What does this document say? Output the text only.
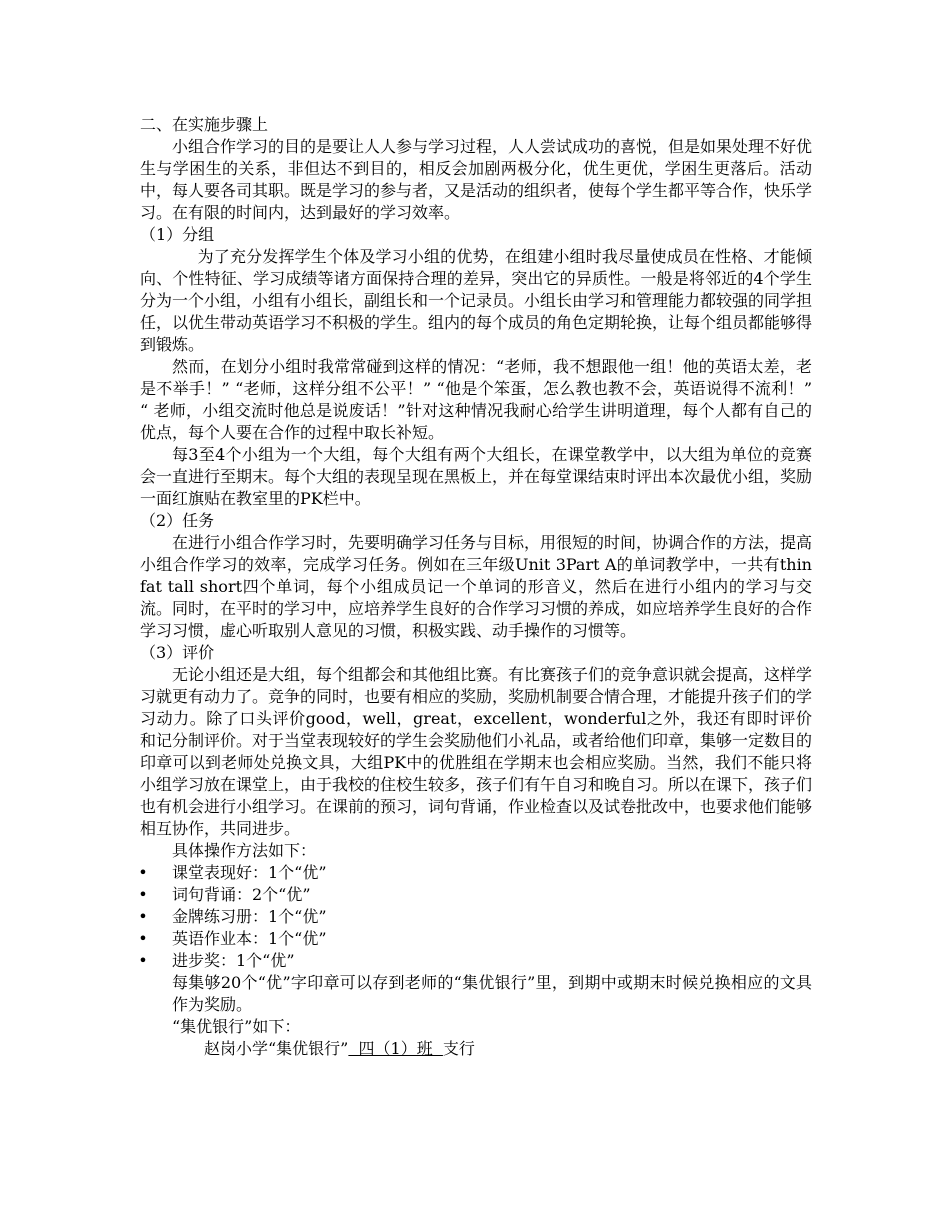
二、在实施步骤上

小组合作学习的目的是要让人人参与学习过程，人人尝试成功的喜悦，但是如果处理不好优生与学困生的关系，非但达不到目的，相反会加剧两极分化，优生更优，学困生更落后。活动中，每人要各司其职。既是学习的参与者，又是活动的组织者，使每个学生都平等合作，快乐学习。在有限的时间内，达到最好的学习效率。

（1）分组

为了充分发挥学生个体及学习小组的优势，在组建小组时我尽量使成员在性格、才能倾向、个性特征、学习成绩等诸方面保持合理的差异，突出它的异质性。一般是将邻近的4个学生分为一个小组，小组有小组长，副组长和一个记录员。小组长由学习和管理能力都较强的同学担任，以优生带动英语学习不积极的学生。组内的每个成员的角色定期轮换，让每个组员都能够得到锻炼。

然而，在划分小组时我常常碰到这样的情况：“老师，我不想跟他一组！他的英语太差，老是不举手！” “老师，这样分组不公平！” “他是个笨蛋，怎么教也教不会，英语说得不流利！” “ 老师，小组交流时他总是说废话！”针对这种情况我耐心给学生讲明道理，每个人都有自己的优点，每个人要在合作的过程中取长补短。

每3至4个小组为一个大组，每个大组有两个大组长，在课堂教学中，以大组为单位的竞赛会一直进行至期末。每个大组的表现呈现在黑板上，并在每堂课结束时评出本次最优小组，奖励一面红旗贴在教室里的PK栏中。

（2）任务

在进行小组合作学习时，先要明确学习任务与目标，用很短的时间，协调合作的方法，提高小组合作学习的效率，完成学习任务。例如在三年级Unit 3Part A的单词教学中，一共有thin fat tall short四个单词，每个小组成员记一个单词的形音义，然后在进行小组内的学习与交流。同时，在平时的学习中，应培养学生良好的合作学习习惯的养成，如应培养学生良好的合作学习习惯，虚心听取别人意见的习惯，积极实践、动手操作的习惯等。

（3）评价

无论小组还是大组，每个组都会和其他组比赛。有比赛孩子们的竞争意识就会提高，这样学习就更有动力了。竞争的同时，也要有相应的奖励，奖励机制要合情合理，才能提升孩子们的学习动力。除了口头评价good，well，great，excellent，wonderful之外，我还有即时评价和记分制评价。对于当堂表现较好的学生会奖励他们小礼品，或者给他们印章，集够一定数目的印章可以到老师处兑换文具，大组PK中的优胜组在学期末也会相应奖励。当然，我们不能只将小组学习放在课堂上，由于我校的住校生较多，孩子们有午自习和晚自习。所以在课下，孩子们也有机会进行小组学习。在课前的预习，词句背诵，作业检查以及试卷批改中，也要求他们能够相互协作，共同进步。

具体操作方法如下：

• 课堂表现好：1个“优”
• 词句背诵：2个“优”
• 金牌练习册：1个“优”
• 英语作业本：1个“优”
• 进步奖：1个“优”

每集够20个“优”字印章可以存到老师的“集优银行”里，到期中或期末时候兑换相应的文具作为奖励。

“集优银行”如下：

赵岗小学“集优银行”  四（1）班  支行
